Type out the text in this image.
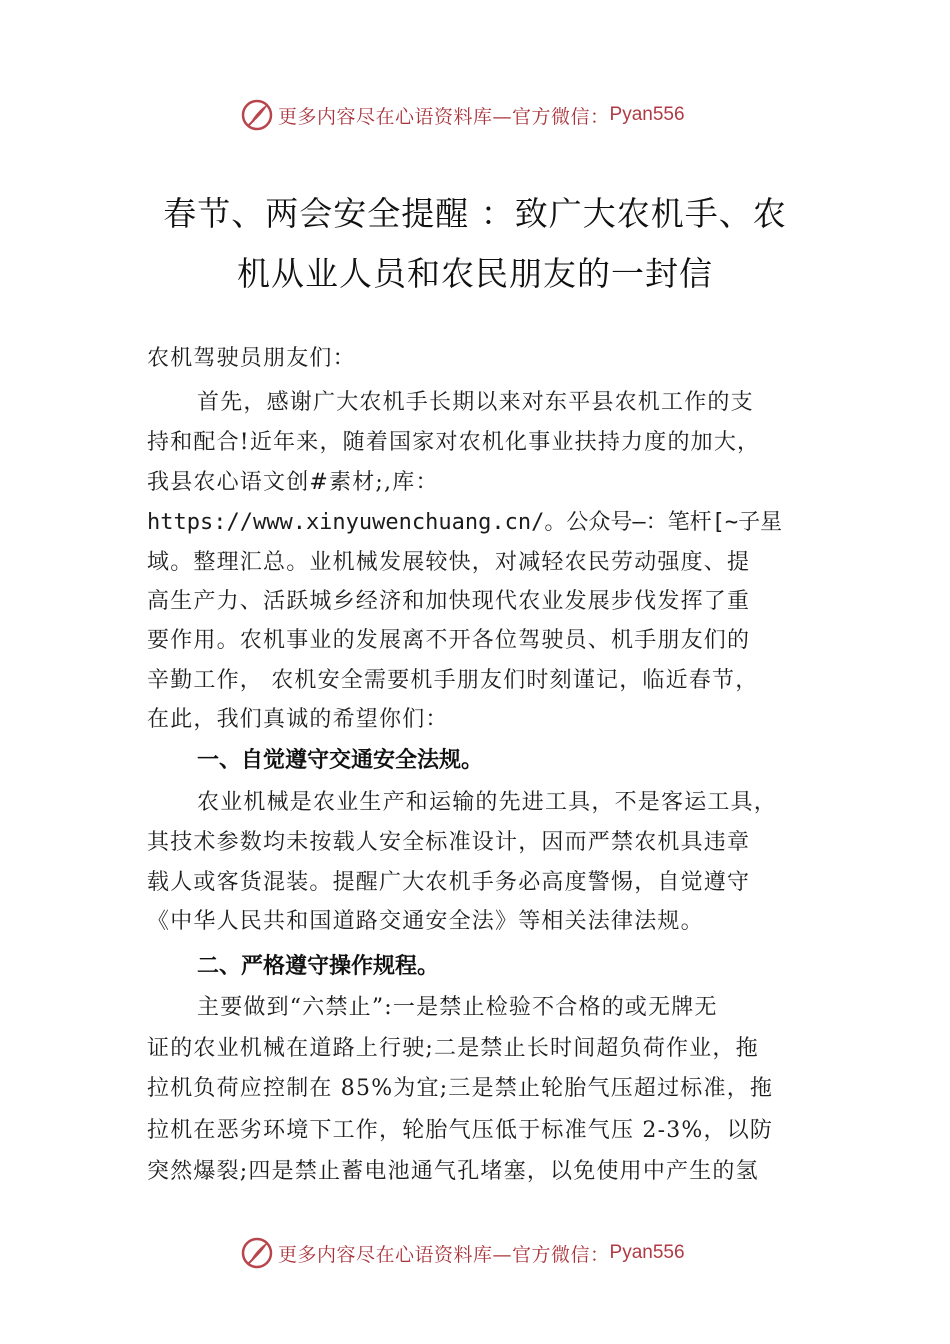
更多内容尽在心语资料库—官方微信： Pyan556
春节、两会安全提醒 ：致广大农机手、农
机从业人员和农民朋友的一封信
农机驾驶员朋友们：
首先，感谢广大农机手长期以来对东平县农机工作的支
持和配合!近年来，随着国家对农机化事业扶持力度的加大，
我县农心语文创#素材;,库：
https://www.xinyuwenchuang.cn/。公众号—：笔杆[~子星
域。整理汇总。业机械发展较快，对减轻农民劳动强度、提
高生产力、活跃城乡经济和加快现代农业发展步伐发挥了重
要作用。农机事业的发展离不开各位驾驶员、机手朋友们的
辛勤工作， 农机安全需要机手朋友们时刻谨记，临近春节，
在此，我们真诚的希望你们：
一、自觉遵守交通安全法规。
农业机械是农业生产和运输的先进工具，不是客运工具，
其技术参数均未按载人安全标准设计，因而严禁农机具违章
载人或客货混装。提醒广大农机手务必高度警惕，自觉遵守
《中华人民共和国道路交通安全法》等相关法律法规。
二、严格遵守操作规程。
主要做到“六禁止”:一是禁止检验不合格的或无牌无
证的农业机械在道路上行驶;二是禁止长时间超负荷作业，拖
拉机负荷应控制在 85%为宜;三是禁止轮胎气压超过标准，拖
拉机在恶劣环境下工作，轮胎气压低于标准气压 2-3%，以防
突然爆裂;四是禁止蓄电池通气孔堵塞，以免使用中产生的氢
更多内容尽在心语资料库—官方微信： Pyan556
